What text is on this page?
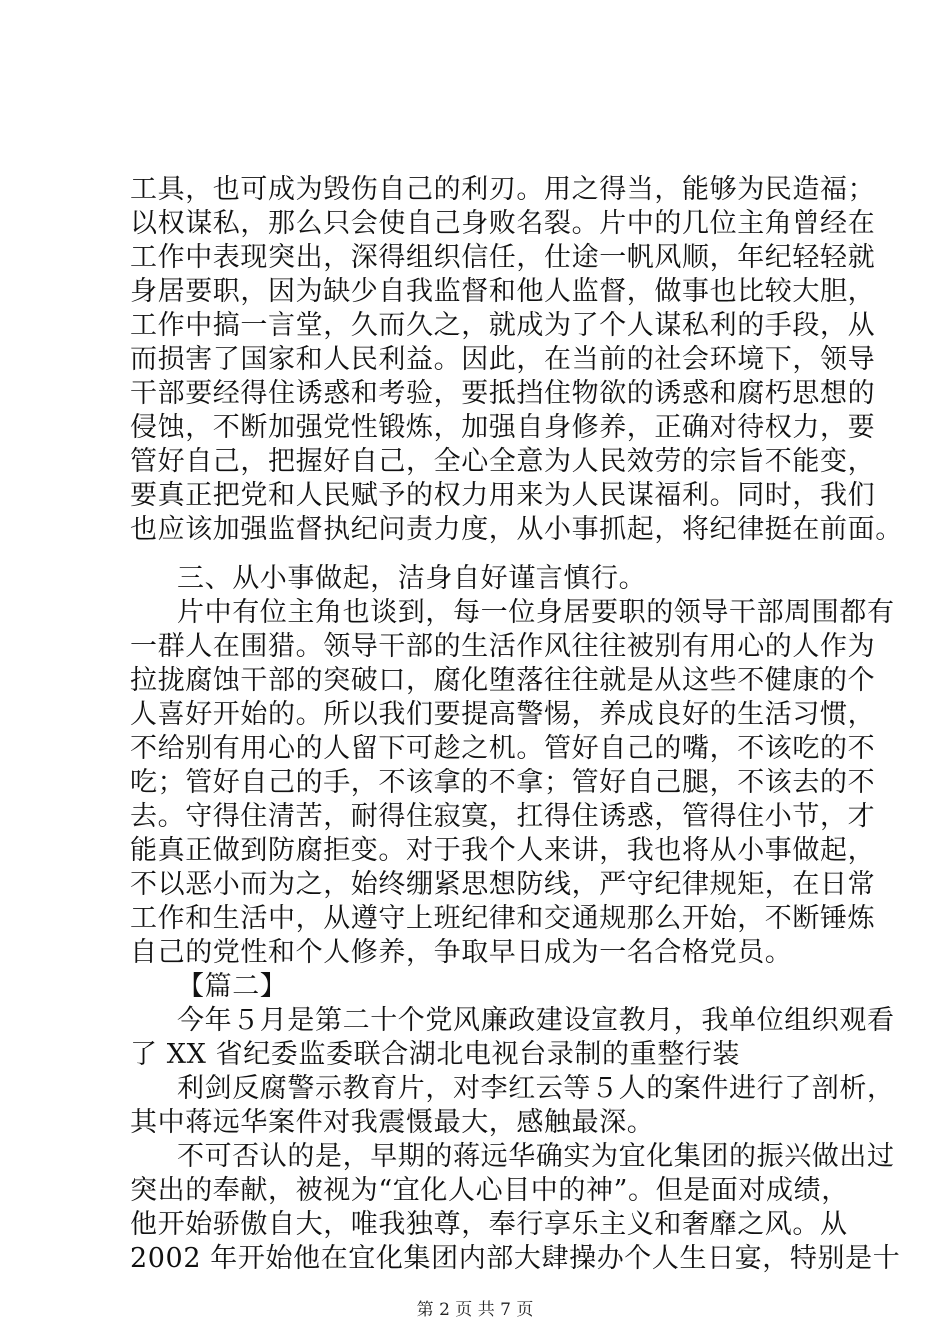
工具，也可成为毁伤自己的利刃。用之得当，能够为民造福；
以权谋私，那么只会使自己身败名裂。片中的几位主角曾经在
工作中表现突出，深得组织信任，仕途一帆风顺，年纪轻轻就
身居要职，因为缺少自我监督和他人监督，做事也比较大胆，
工作中搞一言堂，久而久之，就成为了个人谋私利的手段，从
而损害了国家和人民利益。因此，在当前的社会环境下，领导
干部要经得住诱惑和考验，要抵挡住物欲的诱惑和腐朽思想的
侵蚀，不断加强党性锻炼，加强自身修养，正确对待权力，要
管好自己，把握好自己，全心全意为人民效劳的宗旨不能变，
要真正把党和人民赋予的权力用来为人民谋福利。同时，我们
也应该加强监督执纪问责力度，从小事抓起，将纪律挺在前面。
三、从小事做起，洁身自好谨言慎行。
片中有位主角也谈到，每一位身居要职的领导干部周围都有
一群人在围猎。领导干部的生活作风往往被别有用心的人作为
拉拢腐蚀干部的突破口，腐化堕落往往就是从这些不健康的个
人喜好开始的。所以我们要提高警惕，养成良好的生活习惯，
不给别有用心的人留下可趁之机。管好自己的嘴，不该吃的不
吃；管好自己的手，不该拿的不拿；管好自己腿，不该去的不
去。守得住清苦，耐得住寂寞，扛得住诱惑，管得住小节，才
能真正做到防腐拒变。对于我个人来讲，我也将从小事做起，
不以恶小而为之，始终绷紧思想防线，严守纪律规矩，在日常
工作和生活中，从遵守上班纪律和交通规那么开始，不断锤炼
自己的党性和个人修养，争取早日成为一名合格党员。
【篇二】
今年５月是第二十个党风廉政建设宣教月，我单位组织观看
了 XX 省纪委监委联合湖北电视台录制的重整行装
利剑反腐警示教育片，对李红云等５人的案件进行了剖析，
其中蒋远华案件对我震慑最大，感触最深。
不可否认的是，早期的蒋远华确实为宜化集团的振兴做出过
突出的奉献，被视为“宜化人心目中的神”。但是面对成绩，
他开始骄傲自大，唯我独尊，奉行享乐主义和奢靡之风。从
2002 年开始他在宜化集团内部大肆操办个人生日宴，特别是十
第 2 页 共 7 页
